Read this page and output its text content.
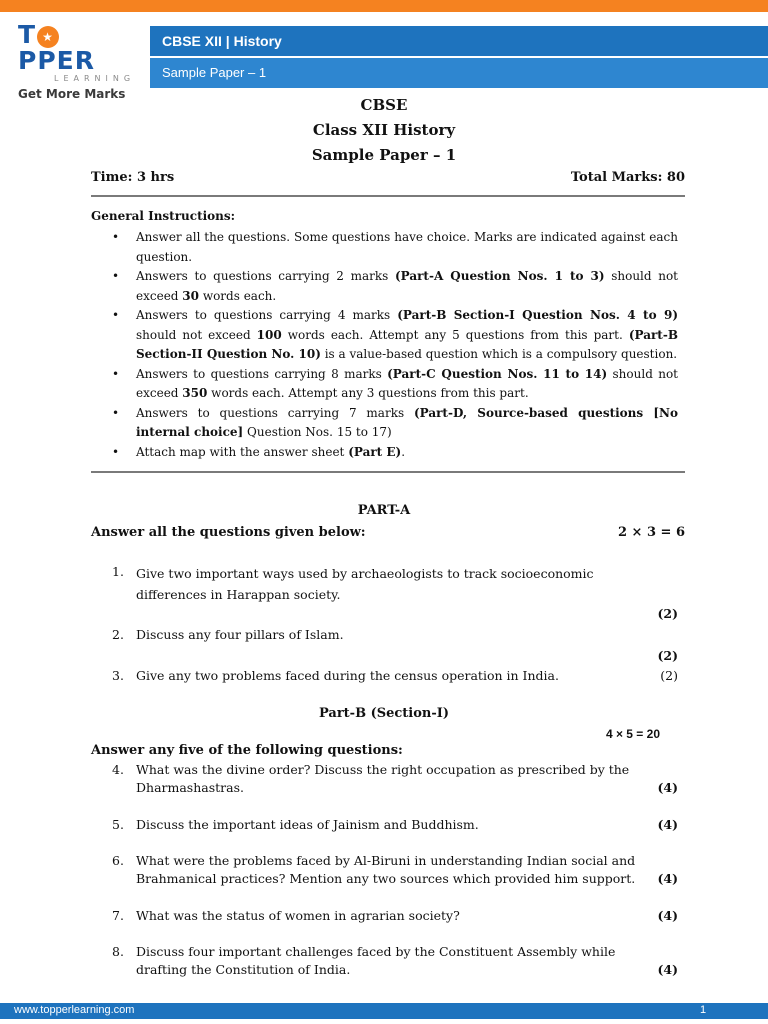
T ★PPER
LEARNING
Get More Marks
CBSE XII | History
Sample Paper – 1
CBSE
Class XII History
Sample Paper – 1
Time: 3 hrs	Total Marks: 80
General Instructions:
• Answer all the questions. Some questions have choice. Marks are indicated against each question.
• Answers to questions carrying 2 marks (Part-A Question Nos. 1 to 3) should not exceed 30 words each.
• Answers to questions carrying 4 marks (Part-B Section-I Question Nos. 4 to 9) should not exceed 100 words each. Attempt any 5 questions from this part. (Part-B Section-II Question No. 10) is a value-based question which is a compulsory question.
• Answers to questions carrying 8 marks (Part-C Question Nos. 11 to 14) should not exceed 350 words each. Attempt any 3 questions from this part.
• Answers to questions carrying 7 marks (Part-D, Source-based questions [No internal choice] Question Nos. 15 to 17)
• Attach map with the answer sheet (Part E).
PART-A
Answer all the questions given below:	2 × 3 = 6
1. Give two important ways used by archaeologists to track socioeconomic differences in Harappan society.
(2)
2. Discuss any four pillars of Islam.
(2)
3. Give any two problems faced during the census operation in India.	(2)
Part-B (Section-I)
4 × 5 = 20
Answer any five of the following questions:
4. What was the divine order? Discuss the right occupation as prescribed by the Dharmashastras.	(4)
5. Discuss the important ideas of Jainism and Buddhism.	(4)
6. What were the problems faced by Al-Biruni in understanding Indian social and Brahmanical practices? Mention any two sources which provided him support.	(4)
7. What was the status of women in agrarian society?	(4)
8. Discuss four important challenges faced by the Constituent Assembly while drafting the Constitution of India.	(4)
www.topperlearning.com	1
